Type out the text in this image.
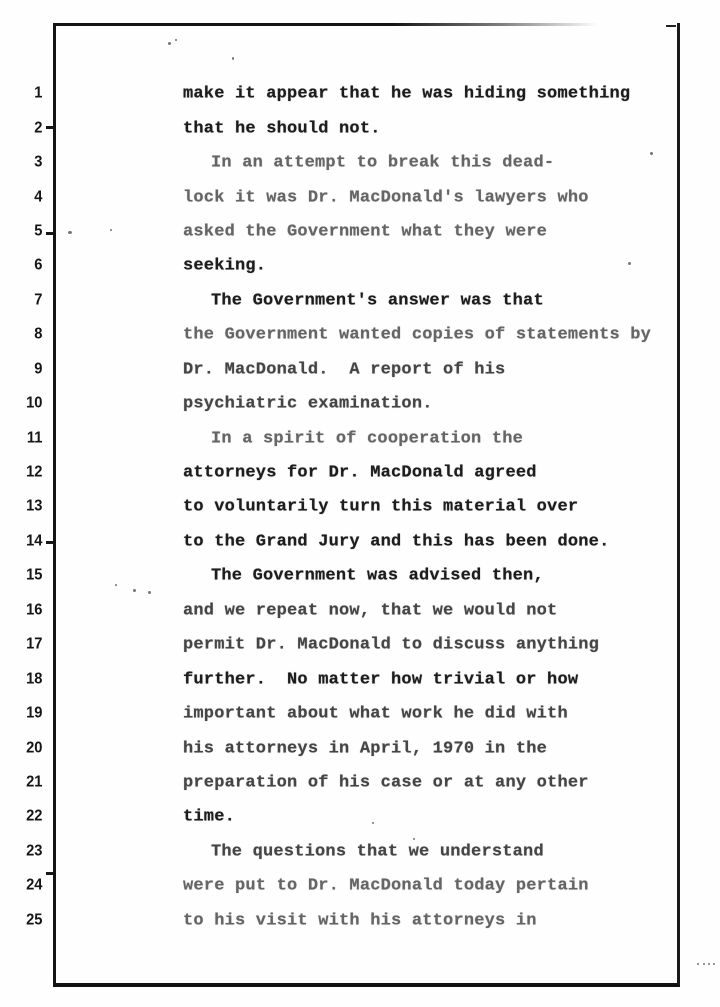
1	make it appear that he was hiding something
2	that he should not.
3	In an attempt to break this dead-
4	lock it was Dr. MacDonald's lawyers who
5	asked the Government what they were
6	seeking.
7	The Government's answer was that
8	the Government wanted copies of statements by
9	Dr. MacDonald.  A report of his
10	psychiatric examination.
11	In a spirit of cooperation the
12	attorneys for Dr. MacDonald agreed
13	to voluntarily turn this material over
14	to the Grand Jury and this has been done.
15	The Government was advised then,
16	and we repeat now, that we would not
17	permit Dr. MacDonald to discuss anything
18	further.  No matter how trivial or how
19	important about what work he did with
20	his attorneys in April, 1970 in the
21	preparation of his case or at any other
22	time.
23	The questions that we understand
24	were put to Dr. MacDonald today pertain
25	to his visit with his attorneys in
